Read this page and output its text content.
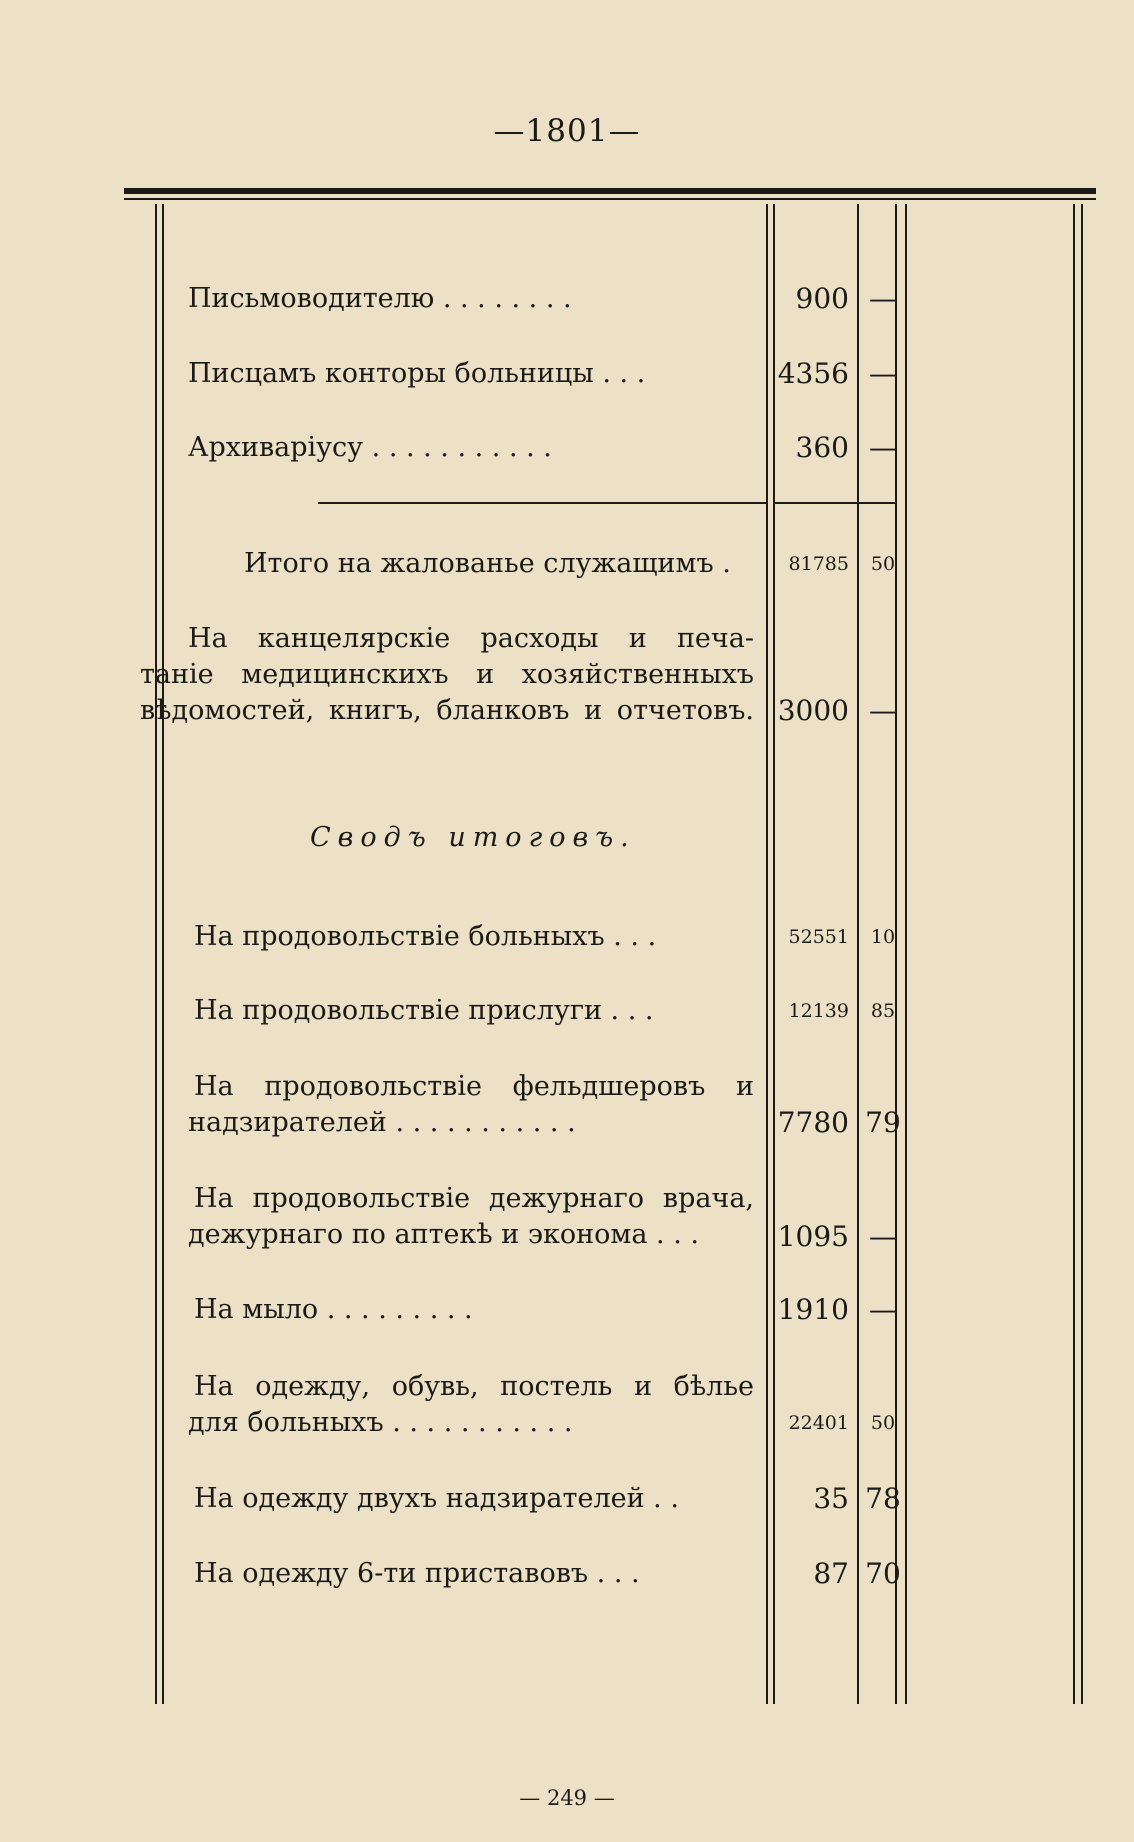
—1801—
Письмоводителю . . . . . . . .	900 —
Писцамъ конторы больницы . . .	4356 —
Архиваріусу . . . . . . . . . . .	360 —
Итого на жалованье служащимъ .	81785	50
На канцелярскіе расходы и печа-
таніе медицинскихъ и хозяйственныхъ
вѣдомостей, книгъ, бланковъ и отчетовъ. 3000 —
Сводъ итоговъ.
На продовольствіе больныхъ . . .	52551	10
На продовольствіе прислуги . . .	12139	85
На продовольствіе фельдшеровъ и
надзирателей . . . . . . . . . . .	7780 79
На продовольствіе дежурнаго врача,
дежурнаго по аптекѣ и эконома . . .	1095 —
На мыло . . . . . . . . .	1910 —
На одежду, обувь, постель и бѣлье
для больныхъ . . . . . . . . . . .	22401	50
На одежду двухъ надзирателей . .	35 78
На одежду 6-ти приставовъ . . .	87 70
— 249 —
